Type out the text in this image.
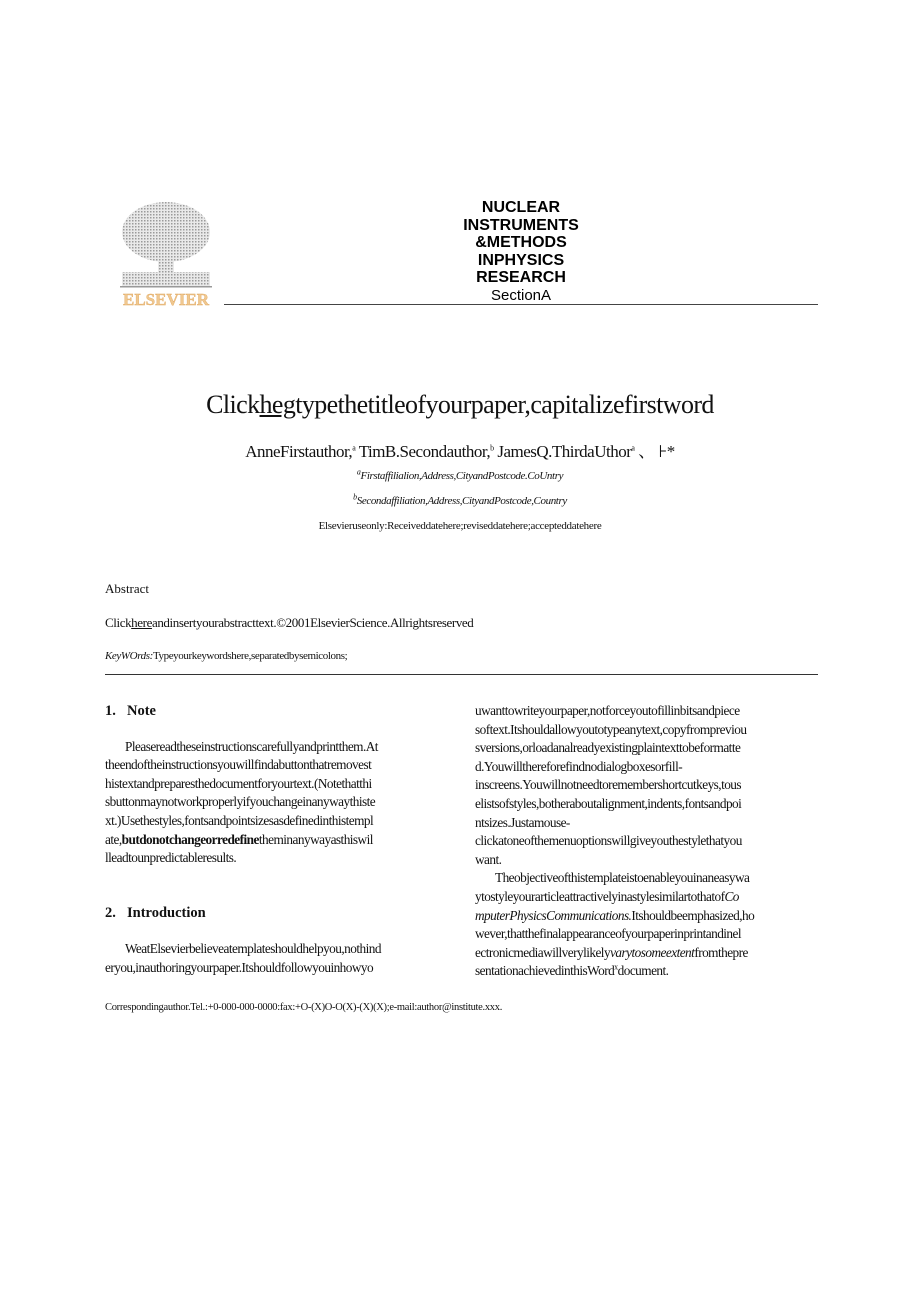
ELSEVIER
NUCLEAR
INSTRUMENTS
&METHODS
INPHYSICS
RESEARCH
SectionA
Clickhegtypethetitleofyourpaper,capitalizefirstword
AnneFirstauthor,$^a$ TimB.Secondauthor,$^b$ JamesQ.ThirdaUthor$^a$ 、 ⊦*
$^a$Firstaffilialion,Address,CityandPostcode.CoUntry
$^b$Secondaffiliation,Address,CityandPostcode,Country
Elsevieruseonly:Receiveddatehere;reviseddatehere;accepteddatehere
Abstract
Clickhereandinsertyourabstracttext.©2001ElsevierScience.Allrightsreserved
KeyWOrds:Typeyourkeywordshere,separatedbysemicolons;
1. Note
Pleasereadtheseinstructionscarefullyandprintthem.At
theendoftheinstructionsyouwillfindabuttonthatremovest
histextandpreparesthedocumentforyourtext.(Notethatthi
sbuttonmaynotworkproperlyifyouchangeinanywaythiste
xt.)Usethestyles,fontsandpointsizesasdefinedinthistempl
ate,butdonotchangeorredefinetheminanywayasthiswil
lleadtounpredictableresults.
2. Introduction
WeatElsevierbelieveatemplateshouldhelpyou,nothind
eryou,inauthoringyourpaper.Itshouldfollowyouinhowyo
uwanttowriteyourpaper,notforceyoutofillinbitsandpiece
softext.Itshouldallowyoutotypeanytext,copyfrompreviou
sversions,orloadanalreadyexistingplaintexttobeformatte
d.Youwillthereforefindnodialogboxesorfill-
inscreens.Youwillnotneedtoremembershortcutkeys,tous
elistsofstyles,botheraboutalignment,indents,fontsandpoi
ntsizes.Justamouse-
clickatoneofthemenuoptionswillgiveyouthestylethatyou
want.
Theobjectiveofthistemplateistoenableyouinaneasywa
ytostyleyourarticleattractivelyinastylesimilartothatofCo
mputerPhysicsCommunications.Itshouldbeemphasized,ho
wever,thatthefinalappearanceofyourpaperinprintandinel
ectronicmediawillverylikelyvarytosomeextentfromthepre
sentationachievedinthisWord$^x$document.
Correspondingauthor.Tel.:+0-000-000-0000:fax:+O-(X)O-O(X)-(X)(X);e-mail:author@institute.xxx.
